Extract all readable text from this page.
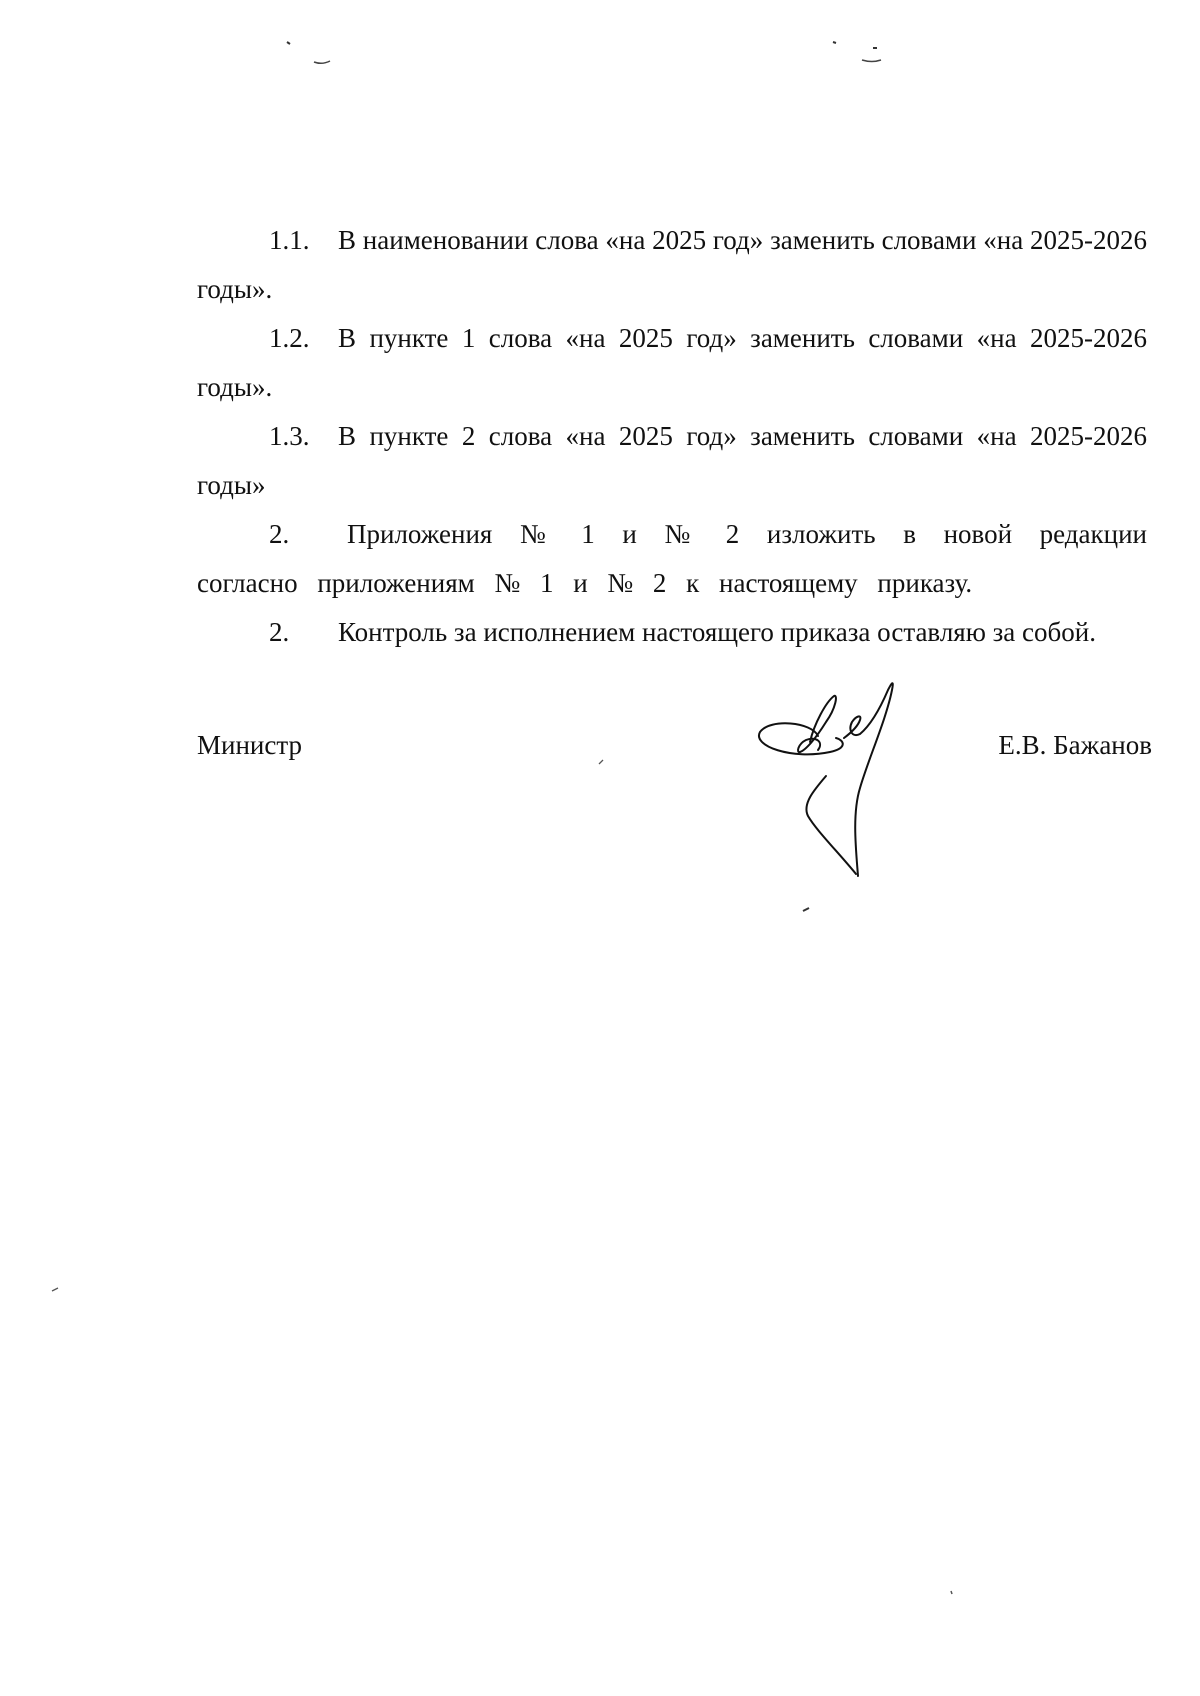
1.1. В наименовании слова «на 2025 год» заменить словами «на 2025-2026 годы».

1.2. В пункте 1 слова «на 2025 год» заменить словами «на 2025-2026 годы».

1.3. В пункте 2 слова «на 2025 год» заменить словами «на 2025-2026 годы»

2. Приложения № 1 и № 2 изложить в новой редакции согласно приложениям № 1 и № 2 к настоящему приказу.

2. Контроль за исполнением настоящего приказа оставляю за собой.

Министр	Е.В. Бажанов
